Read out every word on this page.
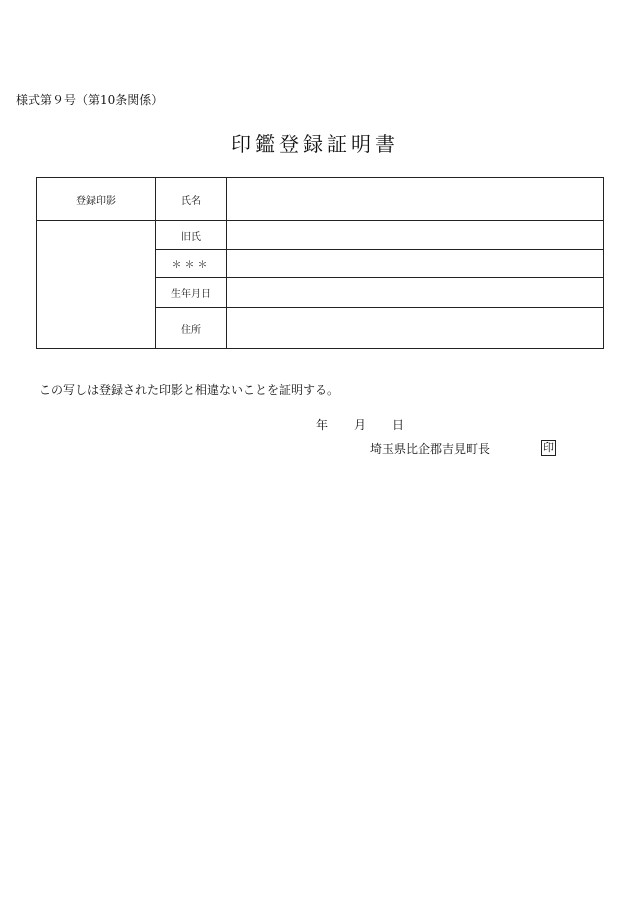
様式第９号（第10条関係）
印鑑登録証明書
登録印影	氏名	
	旧氏	
	＊＊＊	
	生年月日	
	住所	
この写しは登録された印影と相違ないことを証明する。
年 月 日
埼玉県比企郡吉見町長	印
